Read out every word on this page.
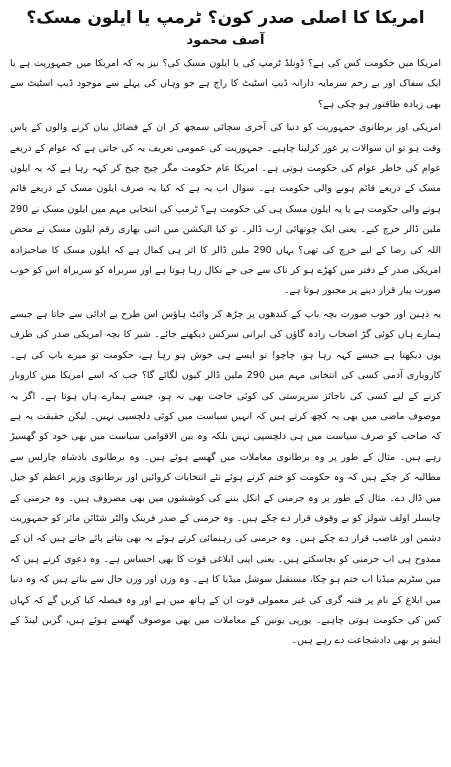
امریکا کا اصلی صدر کون؟ ٹرمپ یا ایلون مسک؟
آصف محمود

امریکا میں حکومت کس کی ہے؟ ڈونلڈ ٹرمپ کی یا ایلون مسک کی؟ نیز یہ کہ امریکا میں جمہوریت ہے یا ایک سفاک اور بے رحم سرمایہ دارانہ ڈیپ اسٹیٹ کا راج ہے جو وہاں کی پہلے سے موجود ڈیپ اسٹیٹ سے بھی زیادہ طاقتور ہو چکی ہے؟

امریکی اور برطانوی جمہوریت کو دنیا کی آخری سچائی سمجھ کر ان کے فضائل بیان کرنے والوں کے پاس وقت ہو تو ان سوالات پر غور کرلینا چاہیے۔ جمہوریت کی عمومی تعریف یہ کی جاتی ہے کہ عوام کے ذریعے عوام کی خاطر عوام کی حکومت ہوتی ہے۔ امریکا عام حکومت مگر چیخ چیخ کر کہہ رہا ہے کہ یہ ایلون مسک کے ذریعے قائم ہونے والی حکومت ہے۔ سوال اب یہ ہے کہ کیا یہ صرف ایلون مسک کے ذریعے قائم ہونے والی حکومت ہے یا یہ ایلون مسک ہی کی حکومت ہے؟ ٹرمپ کی انتخابی مہم میں ایلون مسک نے 290 ملین ڈالر خرچ کیے۔ یعنی ایک چوتھائی ارب ڈالر۔ تو کیا الیکشن میں اتنی بھاری رقم ایلون مسک نے محض اللہ کی رضا کے لیے خرچ کی تھی؟ یہاں 290 ملین ڈالر کا اثر ہی کمال ہے کہ ایلون مسک کا صاحبزادہ امریکی صدر کے دفتر میں کھڑے ہو کر ناک سے جی جے نکال رہا ہوتا ہے اور سربراہ کو سربراہ اس کو خوب صورت پیار قرار دینے پر مجبور ہوتا ہے۔

یہ ذہین اور خوب صورت بچہ باپ کے کندھوں پر چڑھ کر وائٹ ہاؤس اس طرح بے ادائی سے جاتا ہے جیسے ہمارے ہاں کوئی گڑ اصحاب زادہ گاؤں کی ایرانی سرکس دیکھنے جائے۔ شیر کا بچہ امریکی صدر کی طرف یوں دیکھتا ہے جیسے کہہ رہا ہو، چاچو! تو ایسے ہی خوش ہو رہا ہے، حکومت تو میرے باپ کی ہے۔ کاروباری آدمی کسی کی انتخابی مہم میں 290 ملین ڈالر کیوں لگائے گا؟ جب کہ اسے امریکا میں کاروبار کرنے کے لیے کسی کی ناجائز سرپرستی کی کوئی حاجت بھی نہ ہو، جیسے ہمارے ہاں ہوتا ہے۔ اگر یہ موصوف ماضی میں بھی یہ کچھ کرتے ہیں کہ انہیں سیاست میں کوئی دلچسپی نہیں۔ لیکن حقیقت یہ ہے کہ صاحب کو صرف سیاست میں ہی دلچسپی نہیں بلکہ وہ بین الاقوامی سیاست میں بھی خود کو گھسیڑ رہے ہیں۔ مثال کے طور پر وہ برطانوی معاملات میں گھسے ہوئے ہیں۔ وہ برطانوی بادشاہ چارلس سے مطالبہ کر چکے ہیں کہ وہ حکومت کو ختم کرتے ہوئے نئے انتخابات کروائیں اور برطانوی وزیر اعظم کو جیل میں ڈال دے۔ مثال کے طور پر وہ جرمنی کے انکل بننے کی کوششوں میں بھی مصروف ہیں۔ وہ جرمنی کے چانسلر اولف شولز کو بے وقوف قرار دے چکے ہیں۔ وہ جرمنی کے صدر فرینک والٹر شٹائن مائر کو جمہوریت دشمن اور غاصب قرار دے چکے ہیں۔ وہ جرمنی کی رہنمائی کرتے ہوئے یہ بھی بتاتے پائے جاتے ہیں کہ ان کے ممدوح ہی اب جرمنی کو بچاسکتے ہیں۔ یعنی اپنی ابلاغی قوت کا بھی احساس ہے۔ وہ دعوی کرتے ہیں کہ مین سٹریم میڈیا اب ختم ہو چکا، مستقبل سوشل میڈیا کا ہے۔ وہ وزن اور وزن حال سے بتاتے ہیں کہ وہ دنیا میں ابلاغ کے نام پر فتنہ گری کی غیر معمولی قوت ان کے ہاتھ میں ہے اور وہ فیصلہ کیا کریں گے کہ کہاں کس کی حکومت ہوتی چاہیے۔ یورپی یونین کے معاملات میں بھی موصوف گھسے ہوئے ہیں، گرین لینڈ کے ایشو پر بھی دادشجاعت دے رہے ہیں۔
